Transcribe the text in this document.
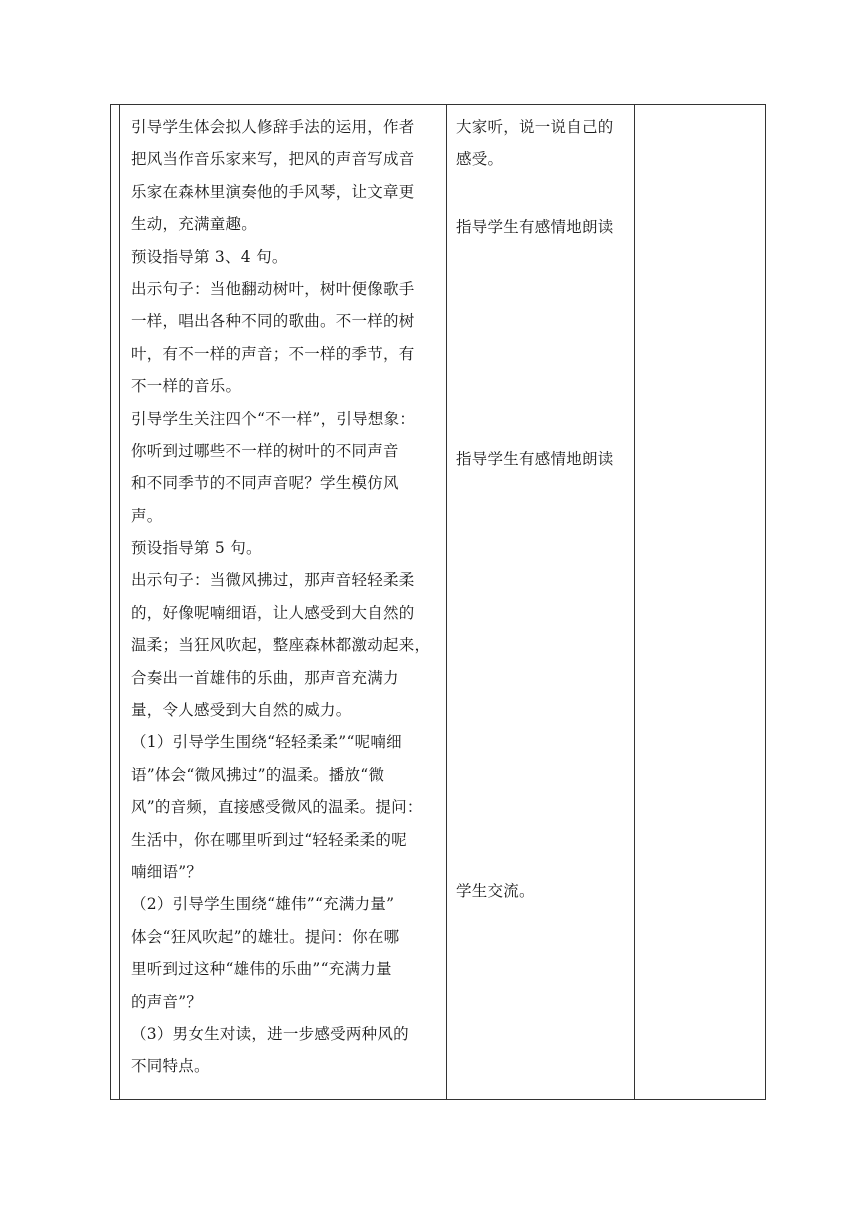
引导学生体会拟人修辞手法的运用，作者
把风当作音乐家来写，把风的声音写成音
乐家在森林里演奏他的手风琴，让文章更
生动，充满童趣。
预设指导第 3、4 句。
出示句子：当他翻动树叶，树叶便像歌手
一样，唱出各种不同的歌曲。不一样的树
叶，有不一样的声音；不一样的季节，有
不一样的音乐。
引导学生关注四个“不一样”，引导想象：
你听到过哪些不一样的树叶的不同声音
和不同季节的不同声音呢？学生模仿风
声。
预设指导第 5 句。
出示句子：当微风拂过，那声音轻轻柔柔
的，好像呢喃细语，让人感受到大自然的
温柔；当狂风吹起，整座森林都激动起来，
合奏出一首雄伟的乐曲，那声音充满力
量，令人感受到大自然的威力。
（1）引导学生围绕“轻轻柔柔”“呢喃细
语”体会“微风拂过”的温柔。播放“微
风”的音频，直接感受微风的温柔。提问：
生活中，你在哪里听到过“轻轻柔柔的呢
喃细语”？
（2）引导学生围绕“雄伟”“充满力量”
体会“狂风吹起”的雄壮。提问：你在哪
里听到过这种“雄伟的乐曲”“充满力量
的声音”？
（3）男女生对读，进一步感受两种风的
不同特点。
大家听，说一说自己的
感受。
指导学生有感情地朗读
指导学生有感情地朗读
学生交流。
